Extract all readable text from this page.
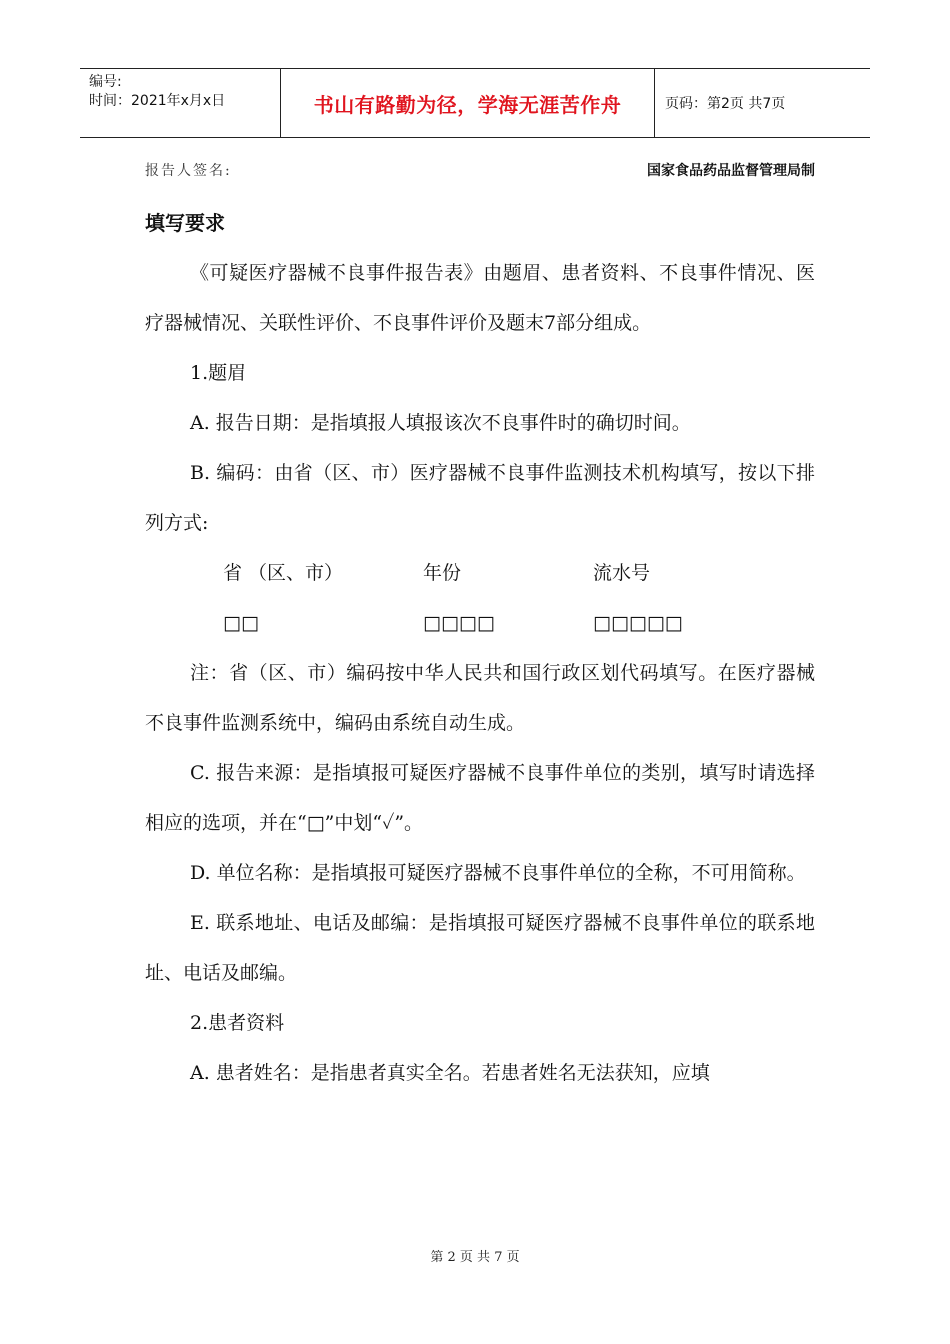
编号:
时间：2021年x月x日	书山有路勤为径，学海无涯苦作舟	页码：第2页 共7页
报告人签名:	国家食品药品监督管理局制

填写要求

《可疑医疗器械不良事件报告表》由题眉、患者资料、不良事件情况、医疗器械情况、关联性评价、不良事件评价及题末7部分组成。

1.题眉

A. 报告日期：是指填报人填报该次不良事件时的确切时间。

B. 编码：由省（区、市）医疗器械不良事件监测技术机构填写，按以下排列方式:

省 （区、市）	年份	流水号
□□	□□□□	□□□□□

注：省（区、市）编码按中华人民共和国行政区划代码填写。在医疗器械不良事件监测系统中，编码由系统自动生成。

C. 报告来源：是指填报可疑医疗器械不良事件单位的类别，填写时请选择相应的选项，并在“□”中划“✓”。

D. 单位名称：是指填报可疑医疗器械不良事件单位的全称，不可用简称。

E. 联系地址、电话及邮编：是指填报可疑医疗器械不良事件单位的联系地址、电话及邮编。

2.患者资料

A. 患者姓名：是指患者真实全名。若患者姓名无法获知，应填

第 2 页 共 7 页
